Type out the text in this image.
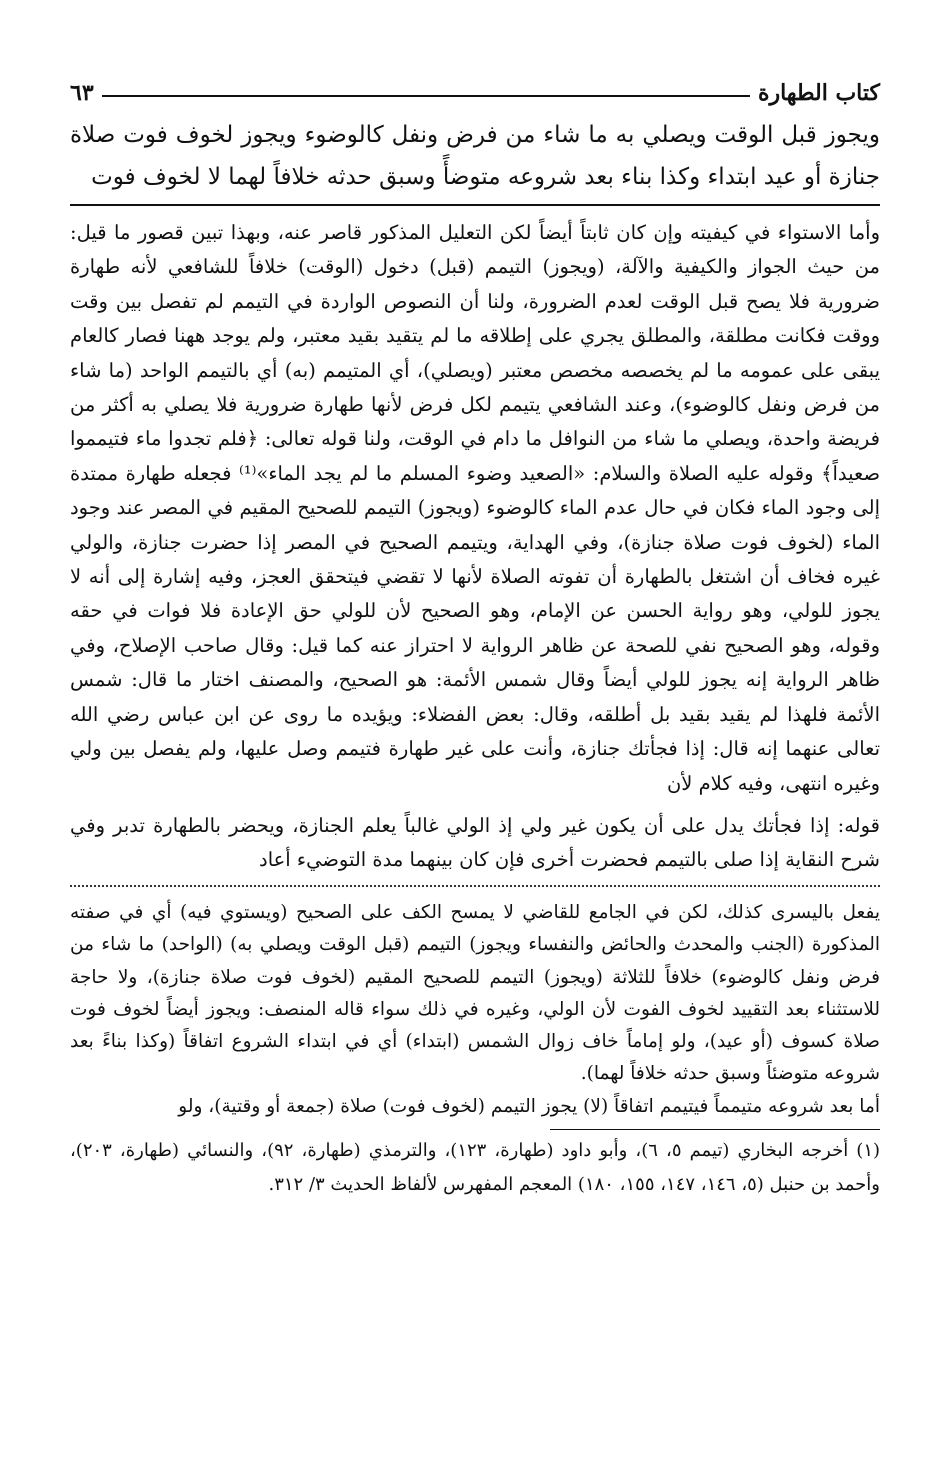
كتاب الطهارة
٦٣

ويجوز قبل الوقت ويصلي به ما شاء من فرض ونفل كالوضوء ويجوز لخوف فوت صلاة جنازة أو عيد ابتداء وكذا بناء بعد شروعه متوضأً وسبق حدثه خلافاً لهما لا لخوف فوت

وأما الاستواء في كيفيته وإن كان ثابتاً أيضاً لكن التعليل المذكور قاصر عنه، وبهذا تبين قصور ما قيل: من حيث الجواز والكيفية والآلة، (ويجوز) التيمم (قبل) دخول (الوقت) خلافاً للشافعي لأنه طهارة ضرورية فلا يصح قبل الوقت لعدم الضرورة، ولنا أن النصوص الواردة في التيمم لم تفصل بين وقت ووقت فكانت مطلقة، والمطلق يجري على إطلاقه ما لم يتقيد بقيد معتبر، ولم يوجد ههنا فصار كالعام يبقى على عمومه ما لم يخصصه مخصص معتبر (ويصلي)، أي المتيمم (به) أي بالتيمم الواحد (ما شاء من فرض ونفل كالوضوء)، وعند الشافعي يتيمم لكل فرض لأنها طهارة ضرورية فلا يصلي به أكثر من فريضة واحدة، ويصلي ما شاء من النوافل ما دام في الوقت، ولنا قوله تعالى: ﴿فلم تجدوا ماء فتيمموا صعيداً﴾ وقوله عليه الصلاة والسلام: «الصعيد وضوء المسلم ما لم يجد الماء»⁽¹⁾ فجعله طهارة ممتدة إلى وجود الماء فكان في حال عدم الماء كالوضوء (ويجوز) التيمم للصحيح المقيم في المصر عند وجود الماء (لخوف فوت صلاة جنازة)، وفي الهداية، ويتيمم الصحيح في المصر إذا حضرت جنازة، والولي غيره فخاف أن اشتغل بالطهارة أن تفوته الصلاة لأنها لا تقضي فيتحقق العجز، وفيه إشارة إلى أنه لا يجوز للولي، وهو رواية الحسن عن الإمام، وهو الصحيح لأن للولي حق الإعادة فلا فوات في حقه وقوله، وهو الصحيح نفي للصحة عن ظاهر الرواية لا احتراز عنه كما قيل: وقال صاحب الإصلاح، وفي ظاهر الرواية إنه يجوز للولي أيضاً وقال شمس الأئمة: هو الصحيح، والمصنف اختار ما قال: شمس الأئمة فلهذا لم يقيد بقيد بل أطلقه، وقال: بعض الفضلاء: ويؤيده ما روى عن ابن عباس رضي الله تعالى عنهما إنه قال: إذا فجأتك جنازة، وأنت على غير طهارة فتيمم وصل عليها، ولم يفصل بين ولي وغيره انتهى، وفيه كلام لأن

قوله: إذا فجأتك يدل على أن يكون غير ولي إذ الولي غالباً يعلم الجنازة، ويحضر بالطهارة تدبر وفي شرح النقاية إذا صلى بالتيمم فحضرت أخرى فإن كان بينهما مدة التوضيء أعاد

يفعل باليسرى كذلك، لكن في الجامع للقاضي لا يمسح الكف على الصحيح (ويستوي فيه) أي في صفته المذكورة (الجنب والمحدث والحائض والنفساء ويجوز) التيمم (قبل الوقت ويصلي به) (الواحد) ما شاء من فرض ونفل كالوضوء) خلافاً للثلاثة (ويجوز) التيمم للصحيح المقيم (لخوف فوت صلاة جنازة)، ولا حاجة للاستثناء بعد التقييد لخوف الفوت لأن الولي، وغيره في ذلك سواء قاله المنصف: ويجوز أيضاً لخوف فوت صلاة كسوف (أو عيد)، ولو إماماً خاف زوال الشمس (ابتداء) أي في ابتداء الشروع اتفاقاً (وكذا بناءً بعد شروعه متوضئاً وسبق حدثه خلافاً لهما).

أما بعد شروعه متيمماً فيتيمم اتفاقاً (لا) يجوز التيمم (لخوف فوت) صلاة (جمعة أو وقتية)، ولو

(١) أخرجه البخاري (تيمم ٥، ٦)، وأبو داود (طهارة، ١٢٣)، والترمذي (طهارة، ٩٢)، والنسائي (طهارة، ٢٠٣)، وأحمد بن حنبل (٥، ١٤٦، ١٤٧، ١٥٥، ١٨٠) المعجم المفهرس لألفاظ الحديث ٣/ ٣١٢.
